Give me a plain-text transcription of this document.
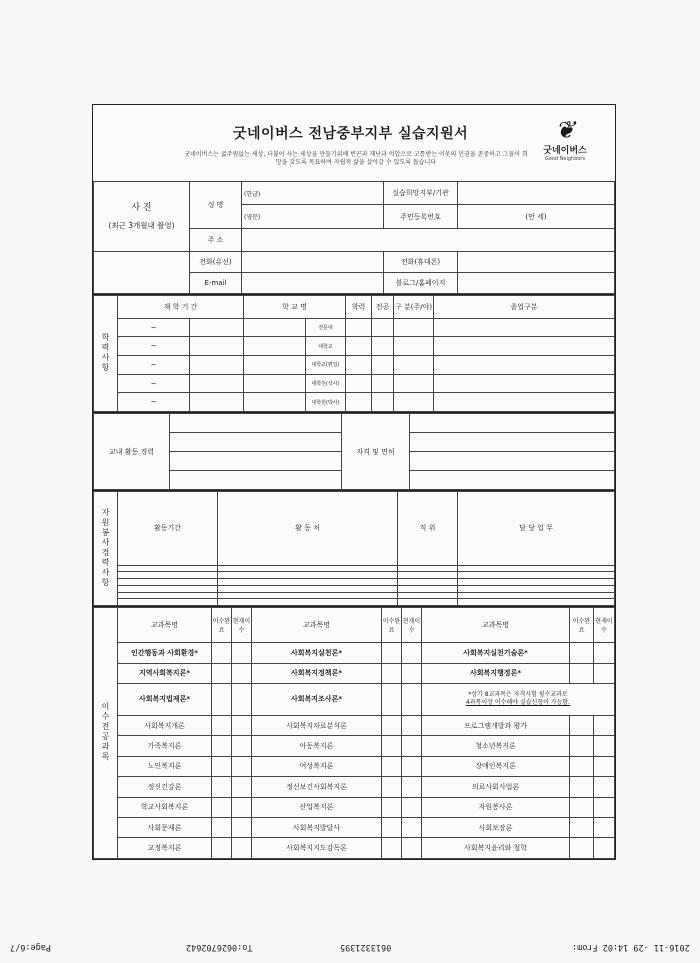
굿네이버스 전남중부지부 실습지원서
굿네이버스는 굶주림없는 세상, 더불어 사는 세상을 만들기위해 빈곤과 재난과 억압으로 고통받는 이웃의 인권을 존중하고 그들이 희망을 갖도록 목표하여 자립적 삶을 살아갈 수 있도록 돕습니다
❦
굿네이버스
Good Neighbors
사 진
(최근 3개월내 촬영)	성 명	(한글)	실습희망지부/기관	
		(영문)	주민등록번호	(만 세)
	주 소			
	전화(유선)		전화(휴대폰)	
	E-mail		블로그/홈페이지	
학력사항	재 학 기 간		학 교 명		학력	전공	구 분(주/야)	졸업구분
	~			전문대				
	~			대학교				
	~			대학교(편입)				
	~			대학원(석사)				
	~			대학원(박사)				
교내 활동 경력		자격 및 면허	

자원봉사경력사항	활동기간	활 동 처	직 위	담 당 업 무

이수전공과목	교과목명	이수완료	현재이수	교과목명	이수완료	현재이수	교과목명	이수완료	현재이수
	인간행동과 사회환경*			사회복지실천론*			사회복지실천기술론*		
	지역사회복지론*			사회복지정책론*			사회복지행정론*		
	사회복지법제론*			사회복지조사론*			*상기 8교과목은 자격시험 필수교과로
4과목이상 이수해야 실습신청이 가능함.		

	사회복지개론			사회복지자료분석론			프로그램개발과 평가		
	가족복지론			아동복지론			청소년복지론		
	노인복지론			여성복지론			장애인복지론		
	정신건강론			정신보건사회복지론			의료사회사업론		
	학교사회복지론			산업복지론			자원봉사론		
	사회문제론			사회복지발달사			사회보장론		
	교정복지론			사회복지지도감독론			사회복지윤리와 철학		
2016-11 -29 14:02 From:
0613321395
To:0626702642
Page:6/7
